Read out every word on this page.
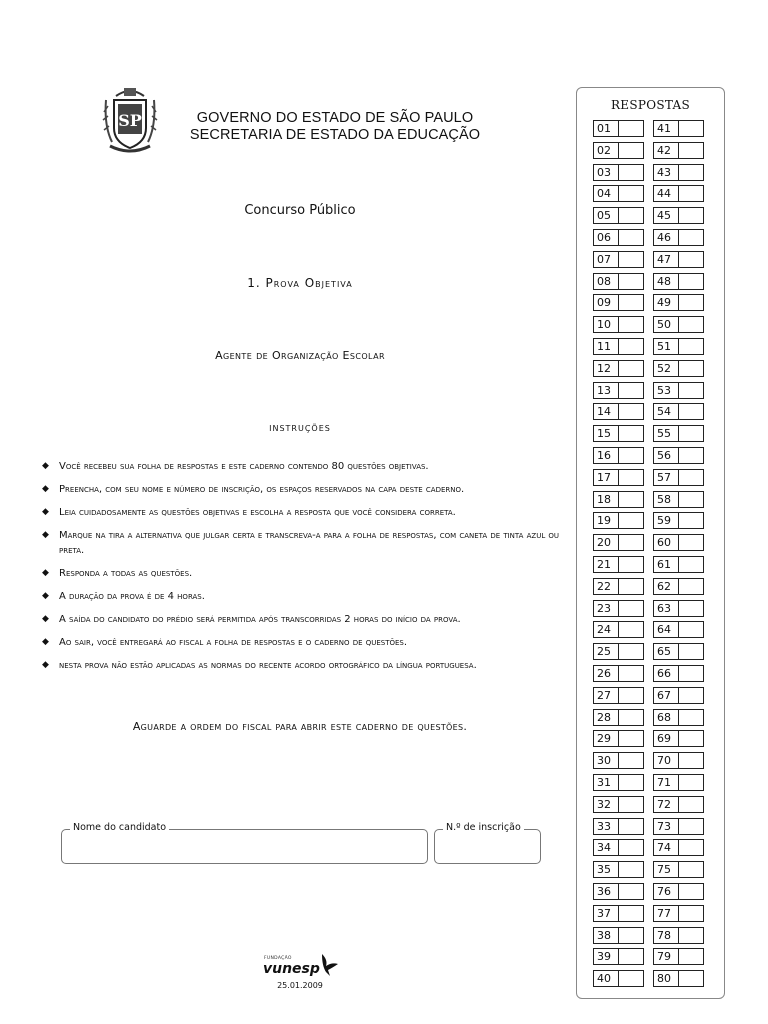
SP	GOVERNO DO ESTADO DE SÃO PAULO
SECRETARIA DE ESTADO DA EDUCAÇÃO
Concurso Público
1. Prova Objetiva
Agente de Organização Escolar
instruções
◆ Você recebeu sua folha de respostas e este caderno contendo 80 questões objetivas.
◆ Preencha, com seu nome e número de inscrição, os espaços reservados na capa deste caderno.
◆ Leia cuidadosamente as questões objetivas e escolha a resposta que você considera correta.
◆ Marque na tira a alternativa que julgar certa e transcreva-a para a folha de respostas, com caneta de tinta azul ou preta.
◆ Responda a todas as questões.
◆ A duração da prova é de 4 horas.
◆ A saída do candidato do prédio será permitida após transcorridas 2 horas do início da prova.
◆ Ao sair, você entregará ao fiscal a folha de respostas e o caderno de questões.
◆ nesta prova não estão aplicadas as normas do recente acordo ortográfico da língua portuguesa.
Aguarde a ordem do fiscal para abrir este caderno de questões.
Nome do candidato	N.º de inscrição
FUNDAÇÃO
vunesp
25.01.2009
RESPOSTAS
01	41
02	42
03	43
04	44
05	45
06	46
07	47
08	48
09	49
10	50
11	51
12	52
13	53
14	54
15	55
16	56
17	57
18	58
19	59
20	60
21	61
22	62
23	63
24	64
25	65
26	66
27	67
28	68
29	69
30	70
31	71
32	72
33	73
34	74
35	75
36	76
37	77
38	78
39	79
40	80
